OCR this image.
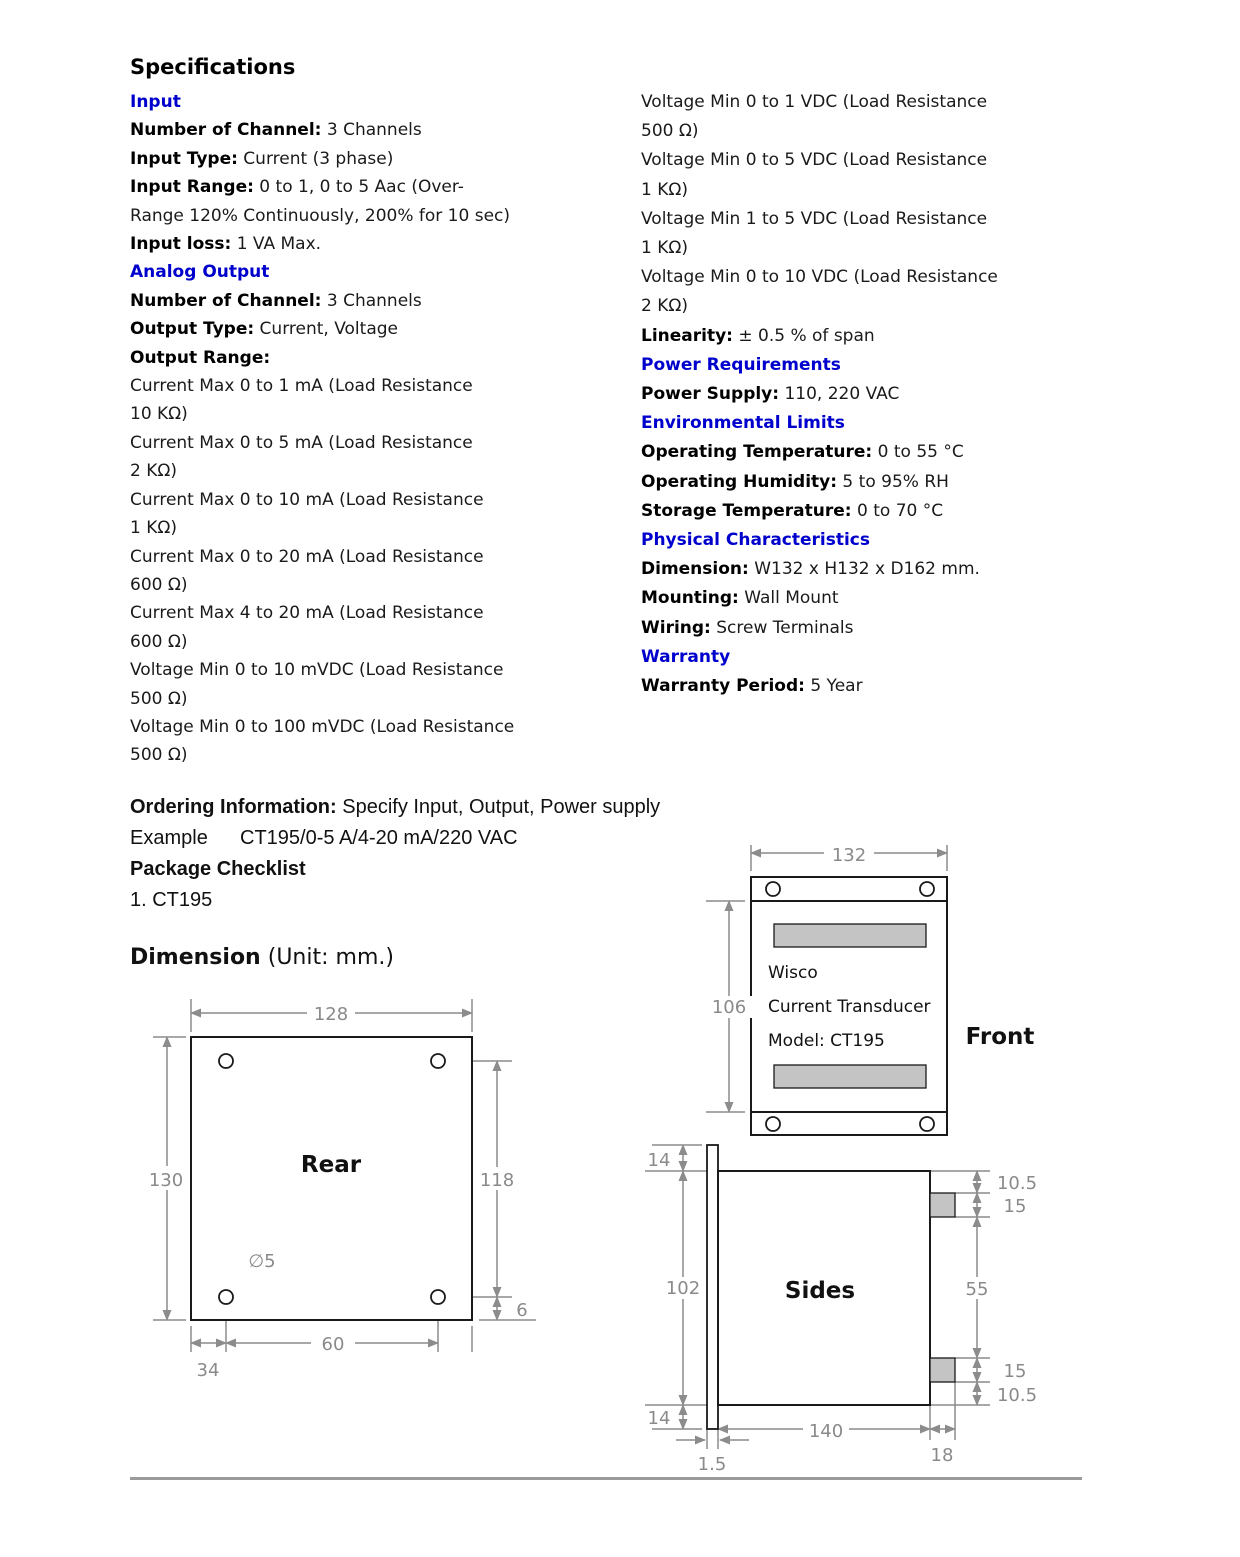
Specifications
Input
Number of Channel: 3 Channels
Input Type: Current (3 phase)
Input Range: 0 to 1, 0 to 5 Aac (Over-
Range 120% Continuously, 200% for 10 sec)
Input loss: 1 VA Max.
Analog Output
Number of Channel: 3 Channels
Output Type: Current, Voltage
Output Range:
Current Max 0 to 1 mA (Load Resistance
10 KΩ)
Current Max 0 to 5 mA (Load Resistance
2 KΩ)
Current Max 0 to 10 mA (Load Resistance
1 KΩ)
Current Max 0 to 20 mA (Load Resistance
600 Ω)
Current Max 4 to 20 mA (Load Resistance
600 Ω)
Voltage Min 0 to 10 mVDC (Load Resistance
500 Ω)
Voltage Min 0 to 100 mVDC (Load Resistance
500 Ω)
Voltage Min 0 to 1 VDC (Load Resistance
500 Ω)
Voltage Min 0 to 5 VDC (Load Resistance
1 KΩ)
Voltage Min 1 to 5 VDC (Load Resistance
1 KΩ)
Voltage Min 0 to 10 VDC (Load Resistance
2 KΩ)
Linearity: ± 0.5 % of span
Power Requirements
Power Supply: 110, 220 VAC
Environmental Limits
Operating Temperature: 0 to 55 °C
Operating Humidity: 5 to 95% RH
Storage Temperature: 0 to 70 °C
Physical Characteristics
Dimension: W132 x H132 x D162 mm.
Mounting: Wall Mount
Wiring: Screw Terminals
Warranty
Warranty Period: 5 Year
Ordering Information: Specify Input, Output, Power supply
Example CT195/0-5 A/4-20 mA/220 VAC
Package Checklist
1. CT195
Dimension (Unit: mm.)
128
130	118
6
∅5
60
34
Rear
132
106
Wisco
Current Transducer
Model: CT195	Front
14
102
14
1.5
140
18
10.5
15
55
15
10.5
Sides
